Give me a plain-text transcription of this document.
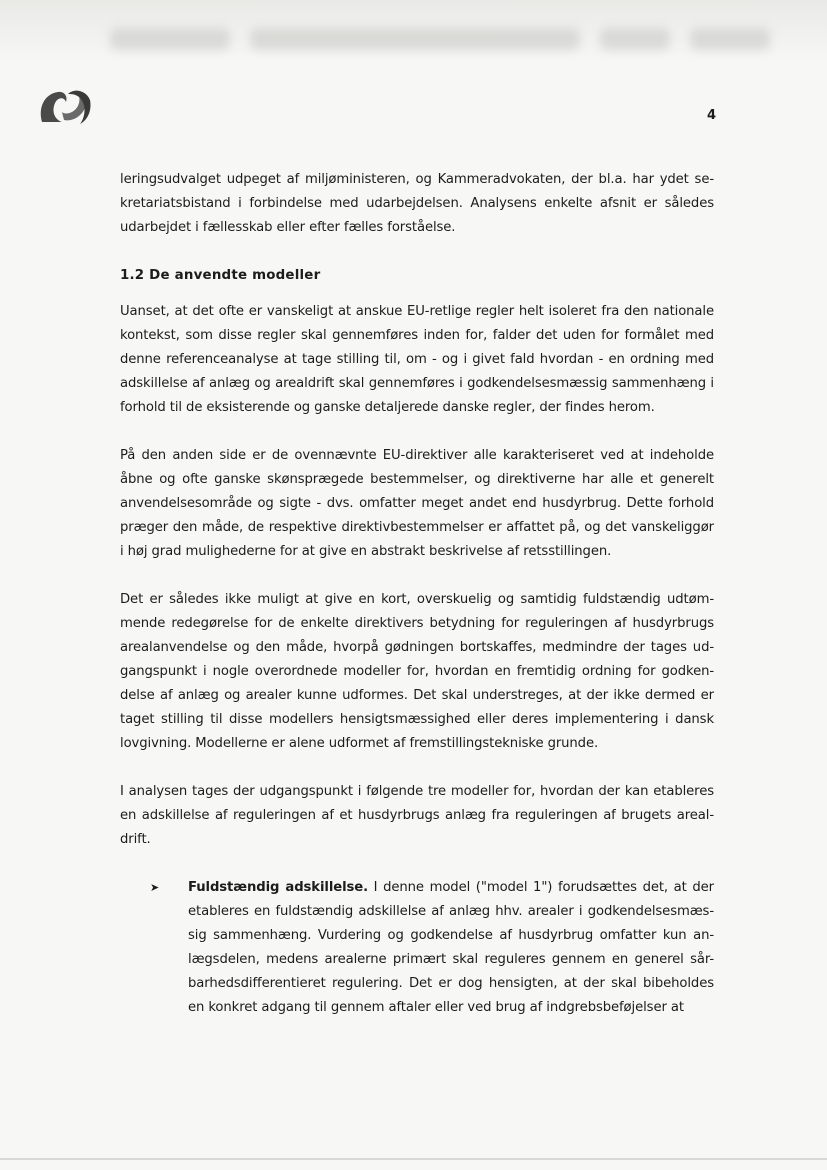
4

leringsudvalget udpeget af miljøministeren, og Kammeradvokaten, der bl.a. har ydet se-kretariatsbistand i forbindelse med udarbejdelsen. Analysens enkelte afsnit er således udarbejdet i fællesskab eller efter fælles forståelse.

1.2 De anvendte modeller

Uanset, at det ofte er vanskeligt at anskue EU-retlige regler helt isoleret fra den nationale kontekst, som disse regler skal gennemføres inden for, falder det uden for formålet med denne referenceanalyse at tage stilling til, om - og i givet fald hvordan - en ordning med adskillelse af anlæg og arealdrift skal gennemføres i godkendelsesmæssig sammenhæng i forhold til de eksisterende og ganske detaljerede danske regler, der findes herom.

På den anden side er de ovennævnte EU-direktiver alle karakteriseret ved at indeholde åbne og ofte ganske skønsprægede bestemmelser, og direktiverne har alle et generelt anvendelsesområde og sigte - dvs. omfatter meget andet end husdyrbrug. Dette forhold præger den måde, de respektive direktivbestemmelser er affattet på, og det vanskeliggør i høj grad mulighederne for at give en abstrakt beskrivelse af retsstillingen.

Det er således ikke muligt at give en kort, overskuelig og samtidig fuldstændig udtøm-mende redegørelse for de enkelte direktivers betydning for reguleringen af husdyrbrugs arealanvendelse og den måde, hvorpå gødningen bortskaffes, medmindre der tages ud-gangspunkt i nogle overordnede modeller for, hvordan en fremtidig ordning for godken-delse af anlæg og arealer kunne udformes. Det skal understreges, at der ikke dermed er taget stilling til disse modellers hensigtsmæssighed eller deres implementering i dansk lovgivning. Modellerne er alene udformet af fremstillingstekniske grunde.

I analysen tages der udgangspunkt i følgende tre modeller for, hvordan der kan etableres en adskillelse af reguleringen af et husdyrbrugs anlæg fra reguleringen af brugets areal-drift.

➤ Fuldstændig adskillelse. I denne model ("model 1") forudsættes det, at der etableres en fuldstændig adskillelse af anlæg hhv. arealer i godkendelsesmæs-sig sammenhæng. Vurdering og godkendelse af husdyrbrug omfatter kun an-lægsdelen, medens arealerne primært skal reguleres gennem en generel sår-barhedsdifferentieret regulering. Det er dog hensigten, at der skal bibeholdes en konkret adgang til gennem aftaler eller ved brug af indgrebsbeføjelser at
